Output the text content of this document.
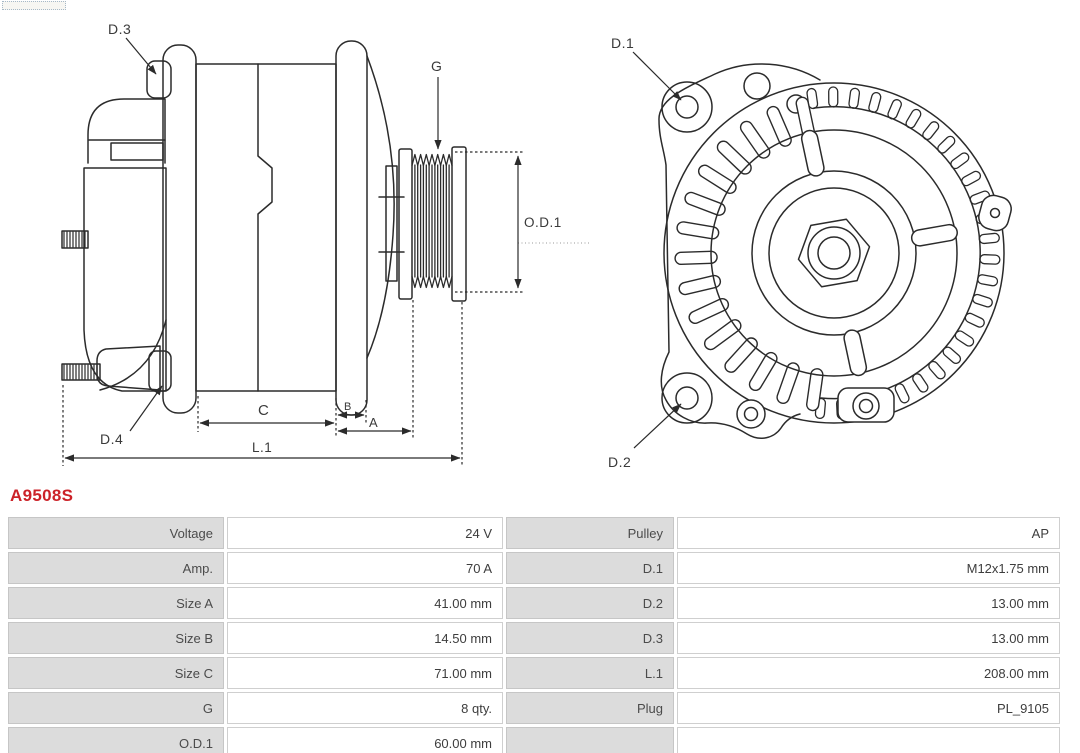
D.3
D.4
G
O.D.1
C	B
A
L.1
D.1
D.2
A9508S
Voltage	24 V	Pulley	AP
Amp.	70 A	D.1	M12x1.75 mm
Size A	41.00 mm	D.2	13.00 mm
Size B	14.50 mm	D.3	13.00 mm
Size C	71.00 mm	L.1	208.00 mm
G	8 qty.	Plug	PL_9105
O.D.1	60.00 mm		
